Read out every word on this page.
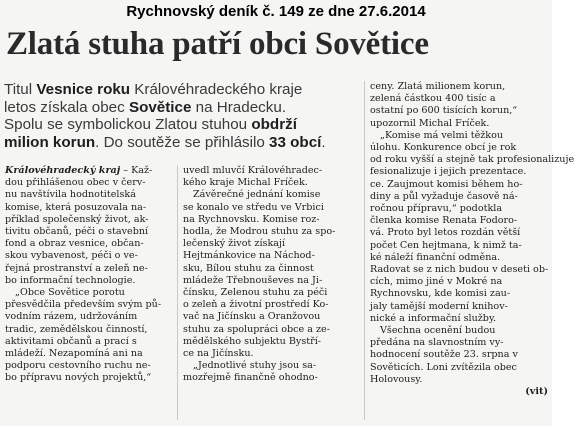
Rychnovský deník č. 149 ze dne 27.6.2014
Zlatá stuha patří obci Sovětice
Titul Vesnice roku Královéhradeckého kraje
letos získala obec Sovětice na Hradecku.
Spolu se symbolickou Zlatou stuhou obdrží
milion korun. Do soutěže se přihlásilo 33 obcí.
Královéhradecký kraj – Kaž-
dou přihlášenou obec v červ-
nu navštívila hodnotitelská
komise, která posuzovala na-
příklad společenský život, ak-
tivitu občanů, péči o stavební
fond a obraz vesnice, občan-
skou vybavenost, péči o ve-
řejná prostranství a zeleň ne-
bo informační technologie.
„Obce Sovětice porotu
přesvědčila především svým pů-
vodním rázem, udržováním
tradic, zemědělskou činností,
aktivitami občanů a prací s
mládeží. Nezapomíná ani na
podporu cestovního ruchu ne-
bo přípravu nových projektů,“
uvedl mluvčí Královéhradec-
kého kraje Michal Fríček.
Závěrečné jednání komise
se konalo ve středu ve Vrbici
na Rychnovsku. Komise roz-
hodla, že Modrou stuhu za spo-
lečenský život získají
Hejtmánkovice na Náchod-
sku, Bílou stuhu za činnost
mládeže Třebnouševes na Ji-
čínsku, Zelenou stuhu za péči
o zeleň a životní prostředí Ko-
vač na Jičínsku a Oranžovou
stuhu za spolupráci obce a ze-
mědělského subjektu Bystří-
ce na Jičínsku.
„Jednotlivé stuhy jsou sa-
mozřejmě finančně ohodno-
ceny. Zlatá milionem korun,
zelená částkou 400 tisíc a
ostatní po 600 tisících korun,“
upozornil Michal Fríček.
„Komise má velmi těžkou
úlohu. Konkurence obcí je rok
od roku vyšší a stejně tak profesionalizuje
fesionalizuje i jejich prezentace.
ce. Zaujmout komisi během ho-
diny a půl vyžaduje časově ná-
ročnou přípravu,“ podotkla
členka komise Renata Fodoro-
vá. Proto byl letos rozdán větší
počet Cen hejtmana, k nimž ta-
ké náleží finanční odměna.
Radovat se z nich budou v deseti ob-
cích, mimo jiné v Mokré na
Rychnovsku, kde komisi zau-
jaly tamější moderní knihov-
nické a informační služby.
Všechna ocenění budou
předána na slavnostním vy-
hodnocení soutěže 23. srpna v
Sověticích. Loni zvítězila obec
Holovousy.
(vit)
